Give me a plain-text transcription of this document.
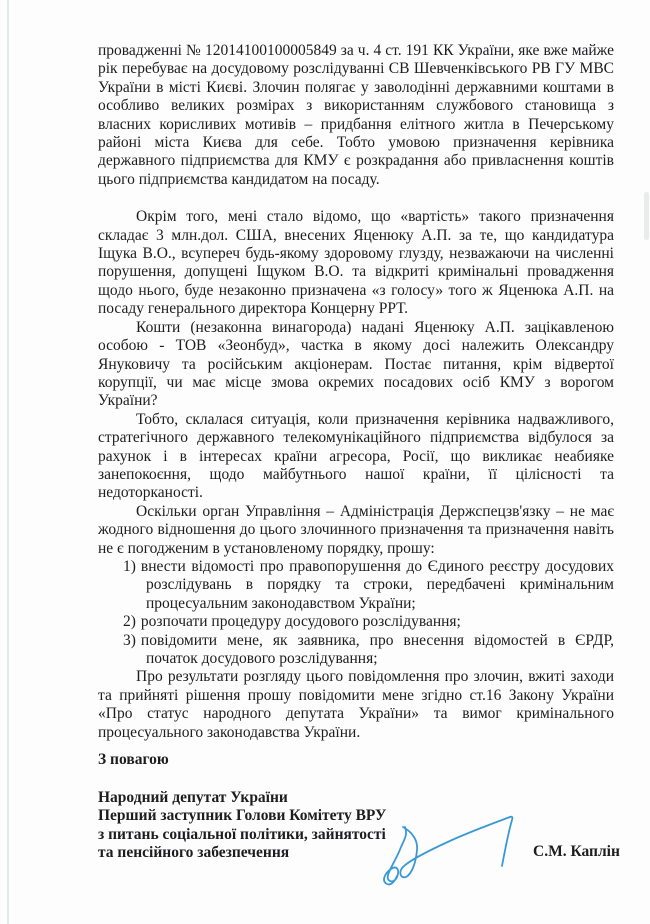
провадженні № 12014100100005849 за ч. 4 ст. 191 КК України, яке вже майже рік перебуває на досудовому розслідуванні СВ Шевченківського РВ ГУ МВС України в місті Києві. Злочин полягає у заволодінні державними коштами в особливо великих розмірах з використанням службового становища з власних корисливих мотивів – придбання елітного житла в Печерському районі міста Києва для себе. Тобто умовою призначення керівника державного підприємства для КМУ є розкрадання або привласнення коштів цього підприємства кандидатом на посаду.

Окрім того, мені стало відомо, що «вартість» такого призначення складає 3 млн.дол. США, внесених Яценюку А.П. за те, що кандидатура Іщука В.О., всупереч будь-якому здоровому глузду, незважаючи на численні порушення, допущені Іщуком В.О. та відкриті кримінальні провадження щодо нього, буде незаконно призначена «з голосу» того ж Яценюка А.П. на посаду генерального директора Концерну РРТ.

Кошти (незаконна винагорода) надані Яценюку А.П. зацікавленою особою - ТОВ «Зеонбуд», частка в якому досі належить Олександру Януковичу та російським акціонерам. Постає питання, крім відвертої корупції, чи має місце змова окремих посадових осіб КМУ з ворогом України?

Тобто, склалася ситуація, коли призначення керівника надважливого, стратегічного державного телекомунікаційного підприємства відбулося за рахунок і в інтересах країни агресора, Росії, що викликає неабияке занепокоєння, щодо майбутнього нашої країни, її цілісності та недоторканості.

Оскільки орган Управління – Адміністрація Держспецзв'язку – не має жодного відношення до цього злочинного призначення та призначення навіть не є погодженим в установленому порядку, прошу:

1) внести відомості про правопорушення до Єдиного реєстру досудових розслідувань в порядку та строки, передбачені кримінальним процесуальним законодавством України;
2) розпочати процедуру досудового розслідування;
3) повідомити мене, як заявника, про внесення відомостей в ЄРДР, початок досудового розслідування;

Про результати розгляду цього повідомлення про злочин, вжиті заходи та прийняті рішення прошу повідомити мене згідно ст.16 Закону України «Про статус народного депутата України» та вимог кримінального процесуального законодавства України.

З повагою
Народний депутат України
Перший заступник Голови Комітету ВРУ
з питань соціальної політики, зайнятості
та пенсійного забезпечення	С.М. Каплін
